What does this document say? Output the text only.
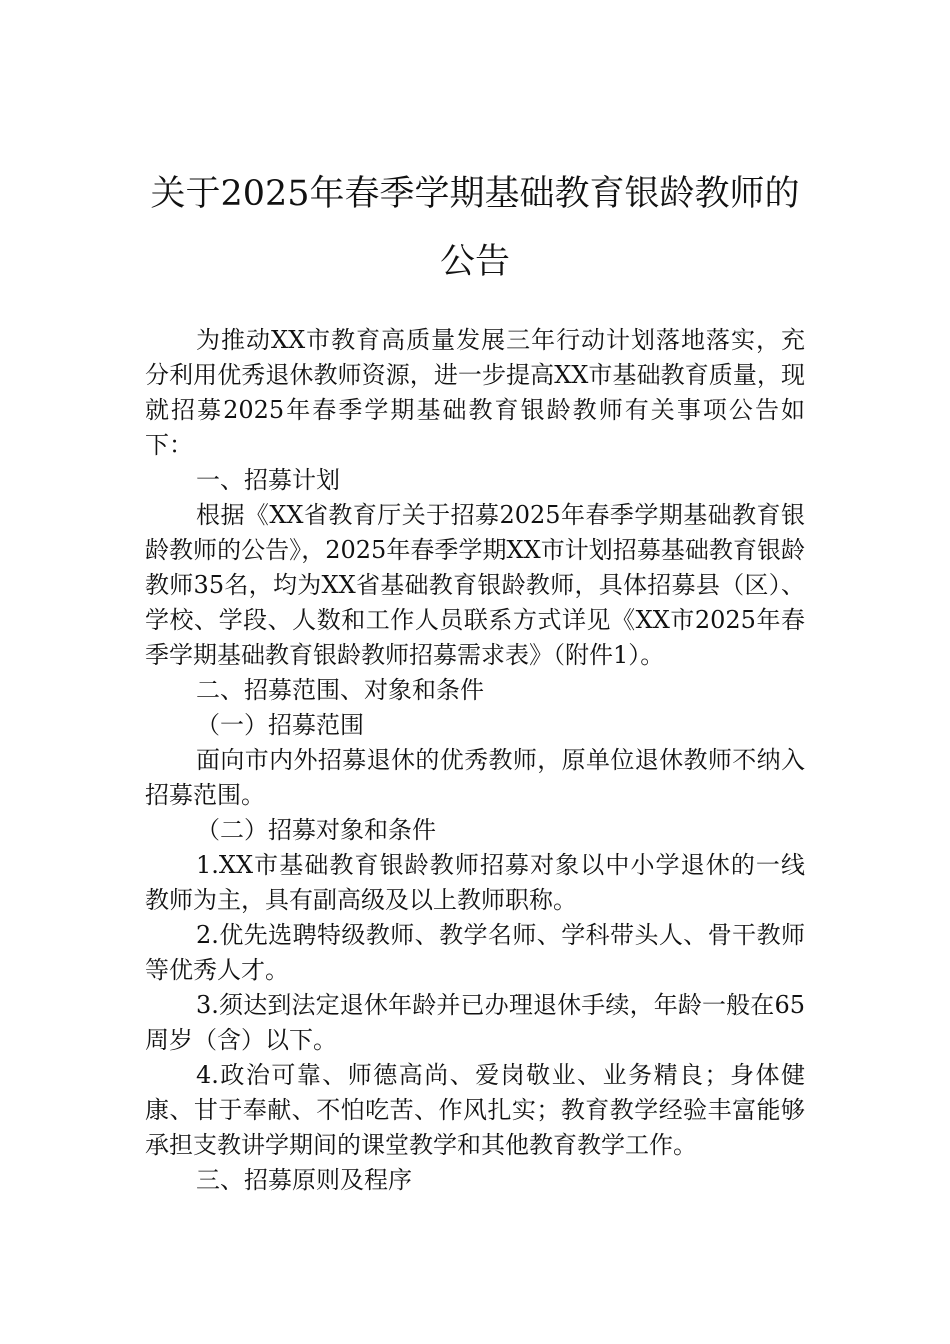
关于2025年春季学期基础教育银龄教师的
公告

为推动XX市教育高质量发展三年行动计划落地落实，充分利用优秀退休教师资源，进一步提高XX市基础教育质量，现就招募2025年春季学期基础教育银龄教师有关事项公告如下：

一、招募计划

根据《XX省教育厅关于招募2025年春季学期基础教育银龄教师的公告》，2025年春季学期XX市计划招募基础教育银龄教师35名，均为XX省基础教育银龄教师，具体招募县（区）、学校、学段、人数和工作人员联系方式详见《XX市2025年春季学期基础教育银龄教师招募需求表》（附件1）。

二、招募范围、对象和条件

（一）招募范围

面向市内外招募退休的优秀教师，原单位退休教师不纳入招募范围。

（二）招募对象和条件

1.XX市基础教育银龄教师招募对象以中小学退休的一线教师为主，具有副高级及以上教师职称。

2.优先选聘特级教师、教学名师、学科带头人、骨干教师等优秀人才。

3.须达到法定退休年龄并已办理退休手续，年龄一般在65周岁（含）以下。

4.政治可靠、师德高尚、爱岗敬业、业务精良；身体健康、甘于奉献、不怕吃苦、作风扎实；教育教学经验丰富能够承担支教讲学期间的课堂教学和其他教育教学工作。

三、招募原则及程序
